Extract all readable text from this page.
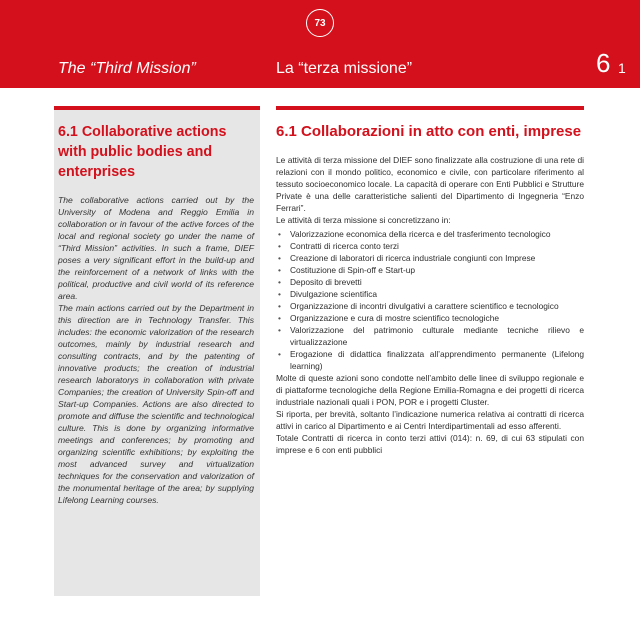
73
The “Third Mission”	La “terza missione”	6 1
6.1 Collaborative actions with public bodies and enterprises

The collaborative actions carried out by the University of Modena and Reggio Emilia in collaboration or in favour of the active forces of the local and regional society go under the name of “Third Mission” activities. In such a frame, DIEF poses a very significant effort in the build-up and the reinforcement of a network of links with the political, productive and civil world of its reference area.

The main actions carried out by the Department in this direction are in Technology Transfer. This includes: the economic valorization of the research outcomes, mainly by industrial research and consulting contracts, and by the patenting of innovative products; the creation of industrial research laboratorys in collaboration with private Companies; the creation of University Spin-off and Start-up Companies. Actions are also directed to promote and diffuse the scientific and technological culture. This is done by organizing informative meetings and conferences; by promoting and organizing scientific exhibitions; by exploiting the most advanced survey and virtualization techniques for the conservation and valorization of the monumental heritage of the area; by supplying Lifelong Learning courses.

6.1 Collaborazioni in atto con enti, imprese

Le attività di terza missione del DIEF sono finalizzate alla costruzione di una rete di relazioni con il mondo politico, economico e civile, con particolare riferimento al tessuto socioeconomico locale. La capacità di operare con Enti Pubblici e Strutture Private è una delle caratteristiche salienti del Dipartimento di Ingegneria “Enzo Ferrari”.

Le attività di terza missione si concretizzano in:

• Valorizzazione economica della ricerca e del trasferimento tecnologico
• Contratti di ricerca conto terzi
• Creazione di laboratori di ricerca industriale congiunti con Imprese
• Costituzione di Spin-off e Start-up
• Deposito di brevetti
• Divulgazione scientifica
• Organizzazione di incontri divulgativi a carattere scientifico e tecnologico
• Organizzazione e cura di mostre scientifico tecnologiche
• Valorizzazione del patrimonio culturale mediante tecniche rilievo e virtualizzazione
• Erogazione di didattica finalizzata all’apprendimento permanente (Lifelong learning)

Molte di queste azioni sono condotte nell’ambito delle linee di sviluppo regionale e di piattaforme tecnologiche della Regione Emilia-Romagna e dei progetti di ricerca industriale nazionali quali i PON, POR e i progetti Cluster.

Si riporta, per brevità, soltanto l’indicazione numerica relativa ai contratti di ricerca attivi in carico al Dipartimento e ai Centri Interdipartimentali ad esso afferenti.

Totale Contratti di ricerca in conto terzi attivi (014): n. 69, di cui 63 stipulati con imprese e 6 con enti pubblici
